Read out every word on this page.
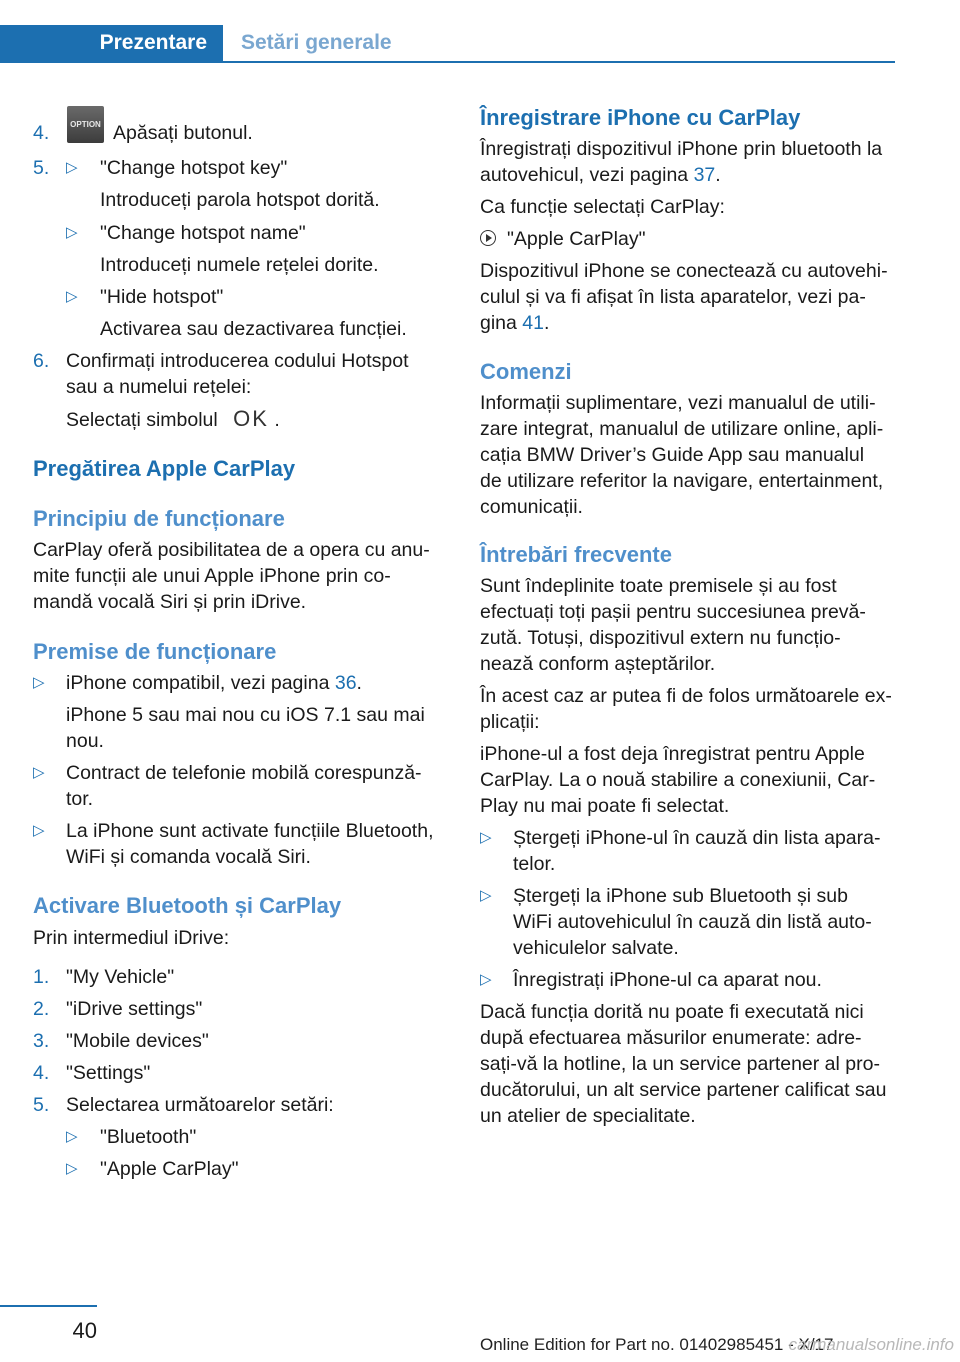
Prezentare	Setări generale
4.	OPTION Apăsați butonul.
5. ▷ "Change hotspot key"
Introduceți parola hotspot dorită.
▷ "Change hotspot name"
Introduceți numele rețelei dorite.
▷ "Hide hotspot"
Activarea sau dezactivarea funcției.
6. Confirmați introducerea codului Hotspot
sau a numelui rețelei:
Selectați simbolul OK .
Pregătirea Apple CarPlay
Principiu de funcționare
CarPlay oferă posibilitatea de a opera cu anu-
mite funcții ale unui Apple iPhone prin co-
mandă vocală Siri și prin iDrive.
Premise de funcționare
▷ iPhone compatibil, vezi pagina 36.
iPhone 5 sau mai nou cu iOS 7.1 sau mai
nou.
▷ Contract de telefonie mobilă corespunză-
tor.
▷ La iPhone sunt activate funcțiile Bluetooth,
WiFi și comanda vocală Siri.
Activare Bluetooth și CarPlay
Prin intermediul iDrive:
1. "My Vehicle"
2. "iDrive settings"
3. "Mobile devices"
4. "Settings"
5. Selectarea următoarelor setări:
▷ "Bluetooth"
▷ "Apple CarPlay"
Înregistrare iPhone cu CarPlay
Înregistrați dispozitivul iPhone prin bluetooth la
autovehicul, vezi pagina 37.
Ca funcție selectați CarPlay:
"Apple CarPlay"
Dispozitivul iPhone se conectează cu autovehi-
culul și va fi afișat în lista aparatelor, vezi pa-
gina 41.
Comenzi
Informații suplimentare, vezi manualul de utili-
zare integrat, manualul de utilizare online, apli-
cația BMW Driver’s Guide App sau manualul
de utilizare referitor la navigare, entertainment,
comunicații.
Întrebări frecvente
Sunt îndeplinite toate premisele și au fost
efectuați toți pașii pentru succesiunea prevă-
zută. Totuși, dispozitivul extern nu funcțio-
nează conform așteptărilor.
În acest caz ar putea fi de folos următoarele ex-
plicații:
iPhone-ul a fost deja înregistrat pentru Apple
CarPlay. La o nouă stabilire a conexiunii, Car-
Play nu mai poate fi selectat.
▷ Ștergeți iPhone-ul în cauză din lista apara-
telor.
▷ Ștergeți la iPhone sub Bluetooth și sub
WiFi autovehiculul în cauză din listă auto-
vehiculelor salvate.
▷ Înregistrați iPhone-ul ca aparat nou.
Dacă funcția dorită nu poate fi executată nici
după efectuarea măsurilor enumerate: adre-
sați-vă la hotline, la un service partener al pro-
ducătorului, un alt service partener calificat sau
un atelier de specialitate.
40
Online Edition for Part no. 01402985451 - X/17
carmanualsonline.info
